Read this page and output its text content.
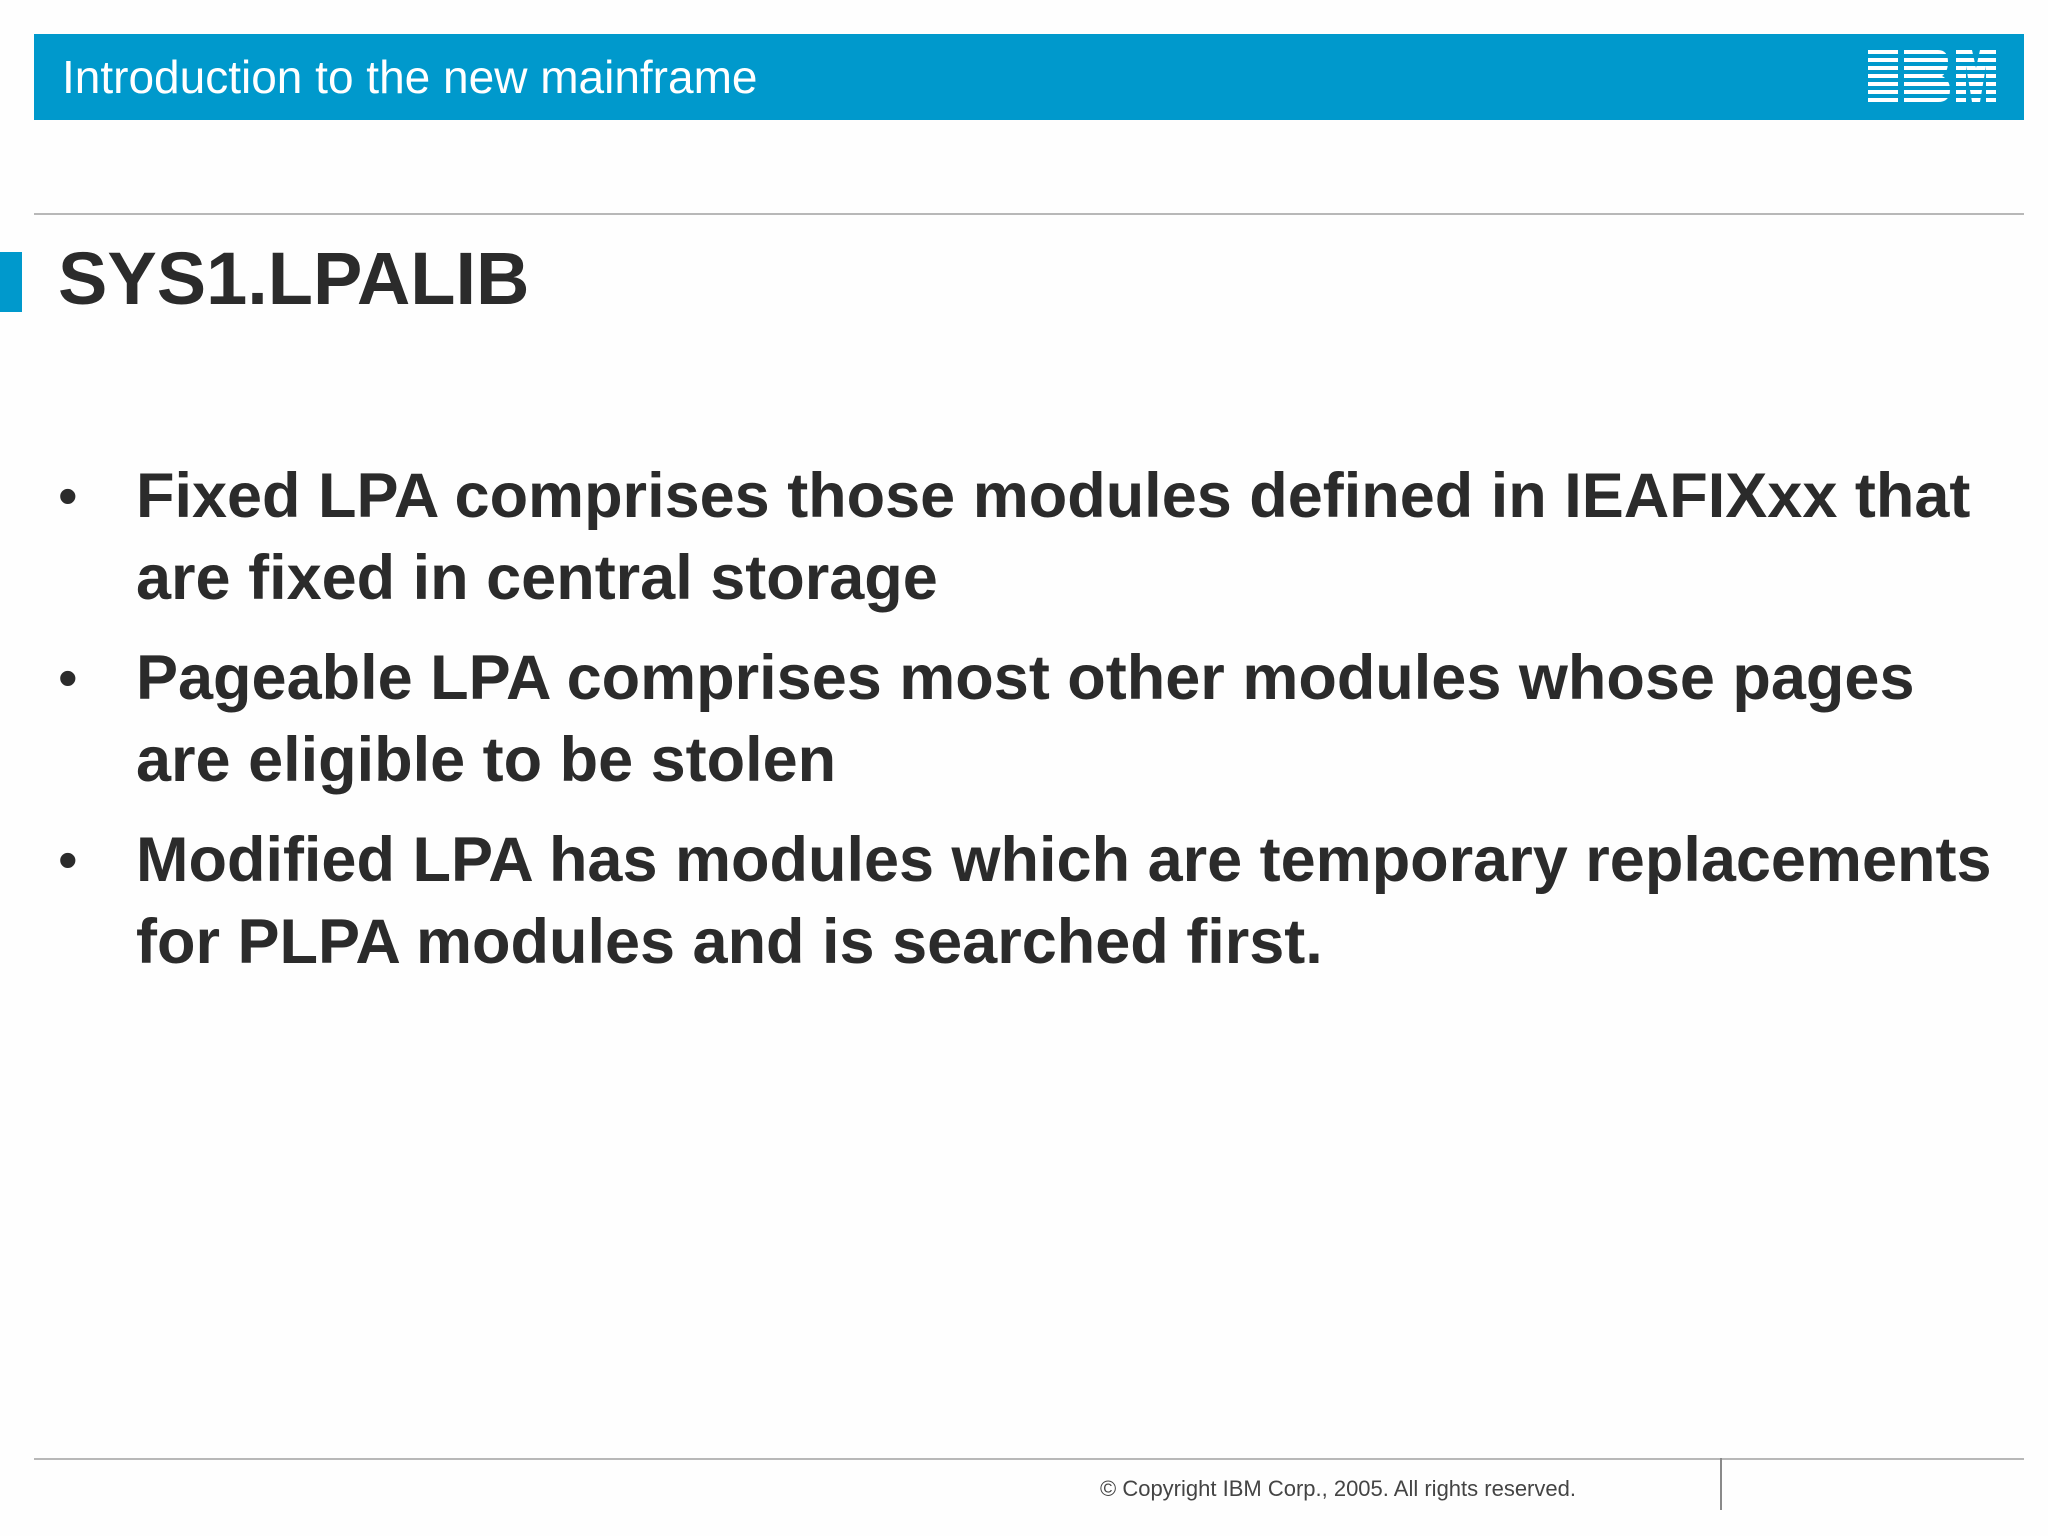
Introduction to the new mainframe
SYS1.LPALIB
• Fixed LPA comprises those modules defined in IEAFIXxx that are fixed in central storage
• Pageable LPA comprises most other modules whose pages are eligible to be stolen
• Modified LPA has modules which are temporary replacements for PLPA modules and is searched first.
© Copyright IBM Corp., 2005. All rights reserved.
